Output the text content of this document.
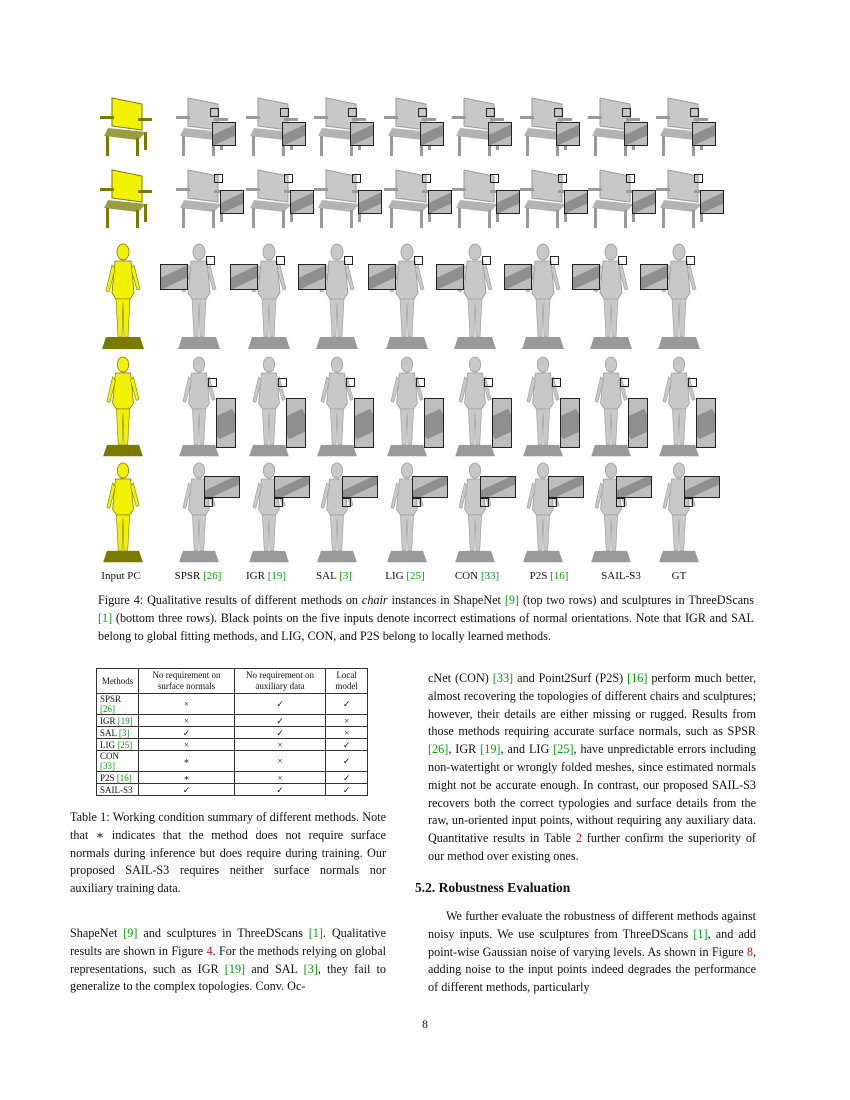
Input PC	SPSR [26] IGR [19]	SAL [3]	LIG [25]	CON [33]	P2S [16]	SAIL-S3	GT
Figure 4: Qualitative results of different methods on chair instances in ShapeNet [9] (top two rows) and sculptures in ThreeDScans [1] (bottom three rows). Black points on the five inputs denote incorrect estimations of normal orientations. Note that IGR and SAL belong to global fitting methods, and LIG, CON, and P2S belong to locally learned methods.
Methods	No requirement on surface normals	No requirement on auxiliary data	Local model
SPSR [26]	×	✓	✓
IGR [19]	×	✓	×
SAL [3]	✓	✓	×
LIG [25]	×	×	✓
CON [33]	∗	×	✓
P2S [16]	∗	×	✓
SAIL-S3	✓	✓	✓
Table 1: Working condition summary of different methods. Note that ∗ indicates that the method does not require surface normals during inference but does require during training. Our proposed SAIL-S3 requires neither surface normals nor auxiliary training data.
ShapeNet [9] and sculptures in ThreeDScans [1]. Qualitative results are shown in Figure 4. For the methods relying on global representations, such as IGR [19] and SAL [3], they fail to generalize to the complex topologies. Conv. Oc-
cNet (CON) [33] and Point2Surf (P2S) [16] perform much better, almost recovering the topologies of different chairs and sculptures; however, their details are either missing or rugged. Results from those methods requiring accurate surface normals, such as SPSR [26], IGR [19], and LIG [25], have unpredictable errors including non-watertight or wrongly folded meshes, since estimated normals might not be accurate enough. In contrast, our proposed SAIL-S3 recovers both the correct typologies and surface details from the raw, un-oriented input points, without requiring any auxiliary data. Quantitative results in Table 2 further confirm the superiority of our method over existing ones.
5.2. Robustness Evaluation
We further evaluate the robustness of different methods against noisy inputs. We use sculptures from ThreeDScans [1], and add point-wise Gaussian noise of varying levels. As shown in Figure 8, adding noise to the input points indeed degrades the performance of different methods, particularly
8
